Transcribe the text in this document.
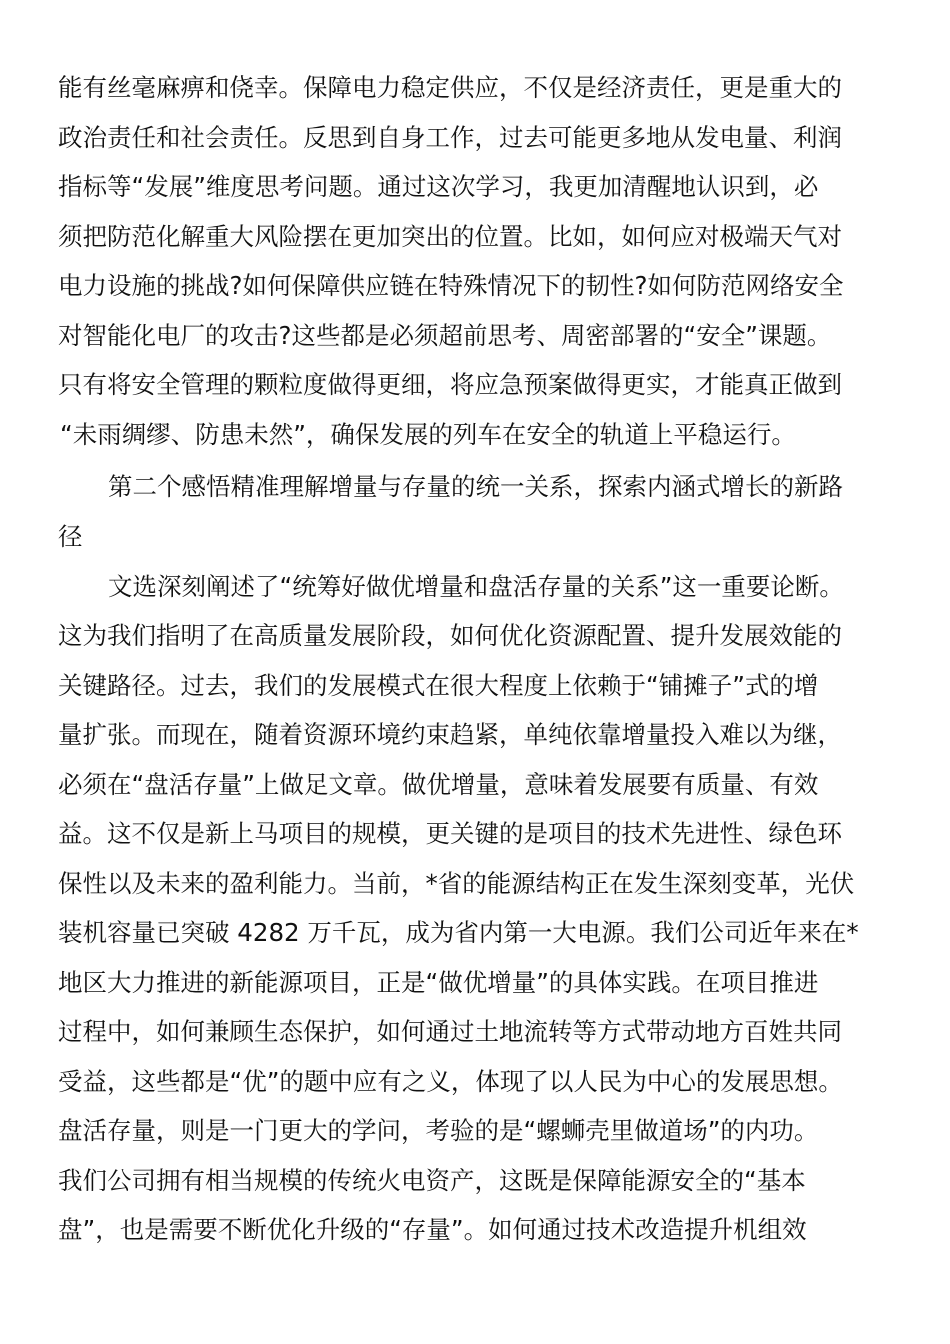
能有丝毫麻痹和侥幸。保障电力稳定供应，不仅是经济责任，更是重大的
政治责任和社会责任。反思到自身工作，过去可能更多地从发电量、利润
指标等“发展”维度思考问题。通过这次学习，我更加清醒地认识到，必
须把防范化解重大风险摆在更加突出的位置。比如，如何应对极端天气对
电力设施的挑战?如何保障供应链在特殊情况下的韧性?如何防范网络安全
对智能化电厂的攻击?这些都是必须超前思考、周密部署的“安全”课题。
只有将安全管理的颗粒度做得更细，将应急预案做得更实，才能真正做到
“未雨绸缪、防患未然”，确保发展的列车在安全的轨道上平稳运行。
第二个感悟精准理解增量与存量的统一关系，探索内涵式增长的新路
径
文选深刻阐述了“统筹好做优增量和盘活存量的关系”这一重要论断。
这为我们指明了在高质量发展阶段，如何优化资源配置、提升发展效能的
关键路径。过去，我们的发展模式在很大程度上依赖于“铺摊子”式的增
量扩张。而现在，随着资源环境约束趋紧，单纯依靠增量投入难以为继，
必须在“盘活存量”上做足文章。做优增量，意味着发展要有质量、有效
益。这不仅是新上马项目的规模，更关键的是项目的技术先进性、绿色环
保性以及未来的盈利能力。当前，*省的能源结构正在发生深刻变革，光伏
装机容量已突破 4282 万千瓦，成为省内第一大电源。我们公司近年来在*
地区大力推进的新能源项目，正是“做优增量”的具体实践。在项目推进
过程中，如何兼顾生态保护，如何通过土地流转等方式带动地方百姓共同
受益，这些都是“优”的题中应有之义，体现了以人民为中心的发展思想。
盘活存量，则是一门更大的学问，考验的是“螺蛳壳里做道场”的内功。
我们公司拥有相当规模的传统火电资产，这既是保障能源安全的“基本
盘”，也是需要不断优化升级的“存量”。如何通过技术改造提升机组效
